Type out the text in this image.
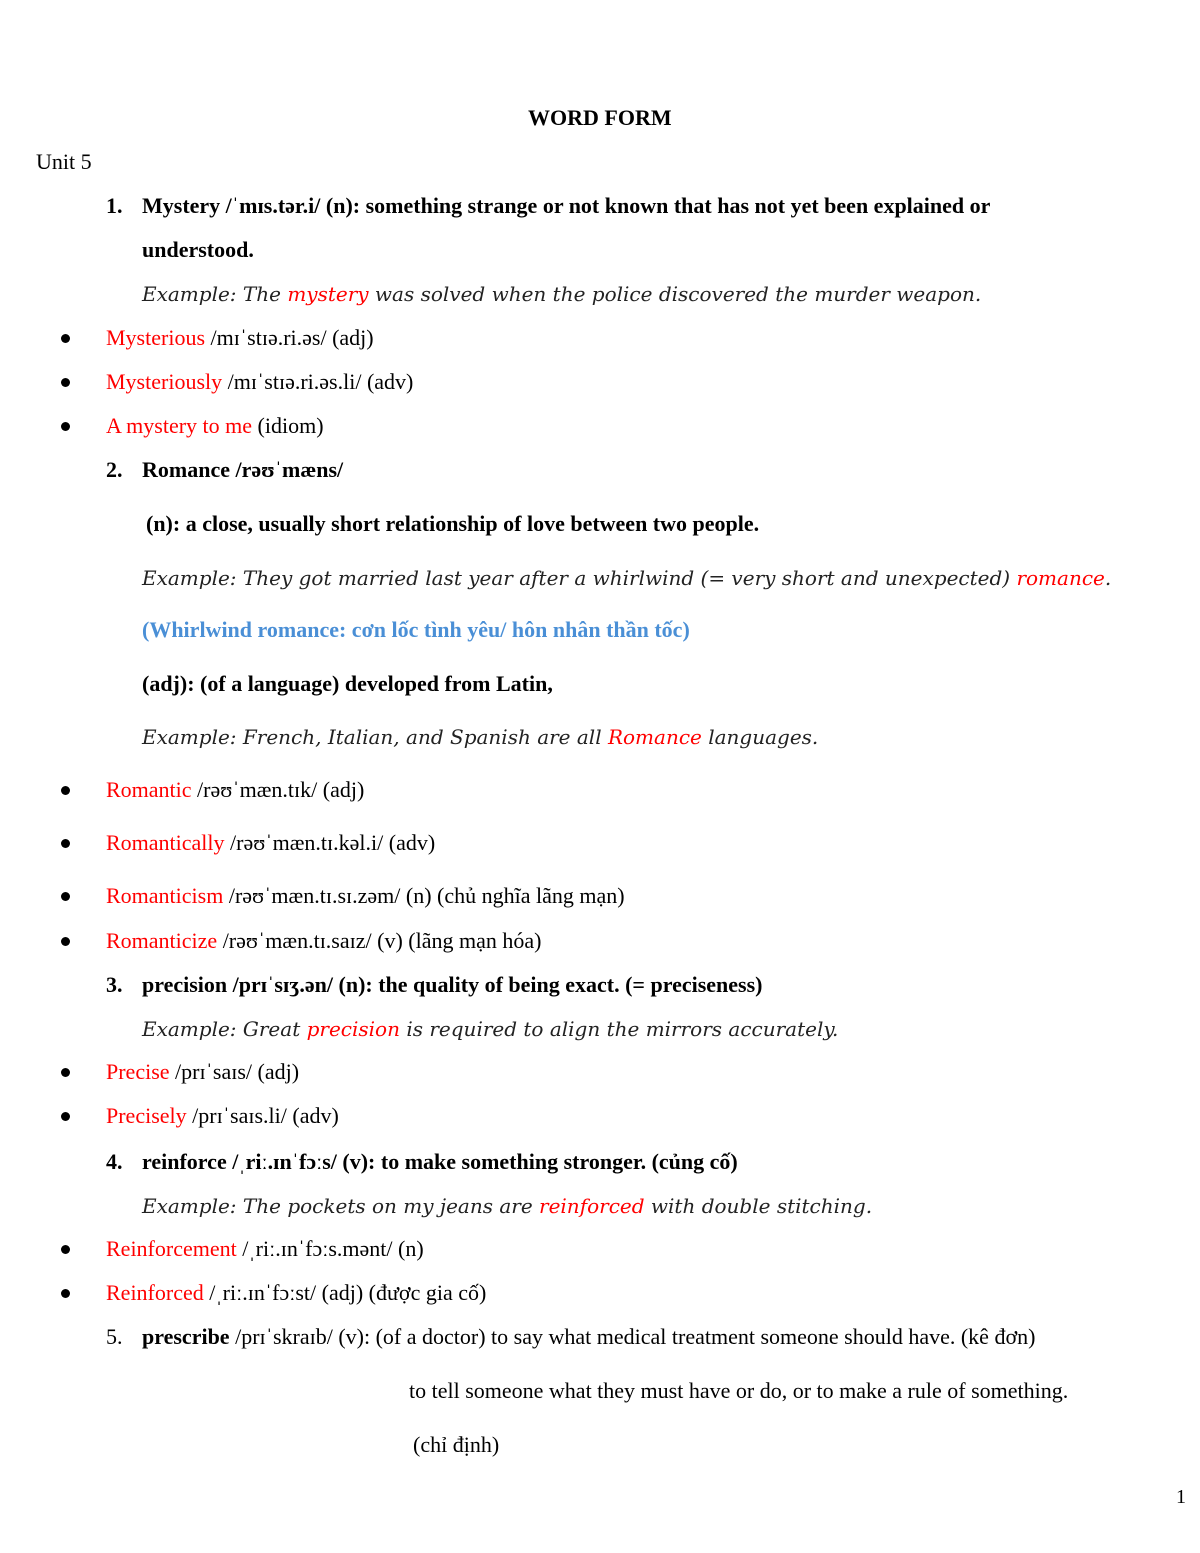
WORD FORM
Unit 5
1. Mystery /ˈmɪs.tər.i/ (n): something strange or not known that has not yet been explained or
understood.
Example: The mystery was solved when the police discovered the murder weapon.
Mysterious /mɪˈstɪə.ri.əs/ (adj)
Mysteriously /mɪˈstɪə.ri.əs.li/ (adv)
A mystery to me (idiom)
2. Romance /rəʊˈmæns/
(n): a close, usually short relationship of love between two people.
Example: They got married last year after a whirlwind (= very short and unexpected) romance.
(Whirlwind romance: cơn lốc tình yêu/ hôn nhân thần tốc)
(adj): (of a language) developed from Latin,
Example: French, Italian, and Spanish are all Romance languages.
Romantic /rəʊˈmæn.tɪk/ (adj)
Romantically /rəʊˈmæn.tɪ.kəl.i/ (adv)
Romanticism /rəʊˈmæn.tɪ.sɪ.zəm/ (n) (chủ nghĩa lãng mạn)
Romanticize /rəʊˈmæn.tɪ.saɪz/ (v) (lãng mạn hóa)
3. precision /prɪˈsɪʒ.ən/ (n): the quality of being exact. (= preciseness)
Example: Great precision is required to align the mirrors accurately.
Precise /prɪˈsaɪs/ (adj)
Precisely /prɪˈsaɪs.li/ (adv)
4. reinforce /ˌriː.ɪnˈfɔːs/ (v): to make something stronger. (củng cố)
Example: The pockets on my jeans are reinforced with double stitching.
Reinforcement /ˌriː.ɪnˈfɔːs.mənt/ (n)
Reinforced /ˌriː.ɪnˈfɔːst/ (adj) (được gia cố)
5. prescribe /prɪˈskraɪb/ (v): (of a doctor) to say what medical treatment someone should have. (kê đơn)
to tell someone what they must have or do, or to make a rule of something.
(chỉ định)
1
